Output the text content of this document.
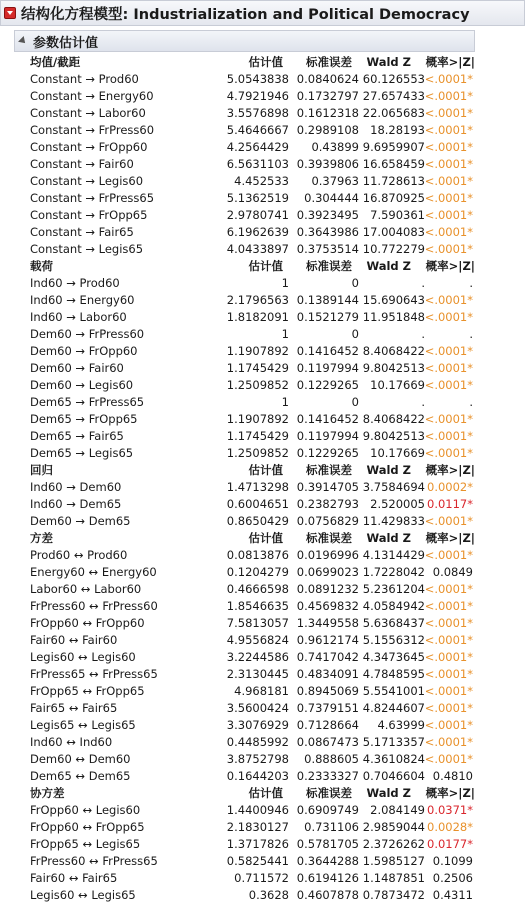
结构化方程模型: Industrialization and Political Democracy
参数估计值
均值/截距	估计值 标准误差 Wald Z 概率>|Z|
Constant → Prod60	5.0543838 0.0840624 60.126553 <.0001*
Constant → Energy60	4.7921946 0.1732797 27.657433 <.0001*
Constant → Labor60	3.5576898 0.1612318 22.065683 <.0001*
Constant → FrPress60	5.4646667 0.2989108 18.28193 <.0001*
Constant → FrOpp60	4.2564429 0.43899 9.6959907 <.0001*
Constant → Fair60	6.5631103 0.3939806 16.658459 <.0001*
Constant → Legis60	4.452533 0.37963 11.728613 <.0001*
Constant → FrPress65	5.1362519 0.304444 16.870925 <.0001*
Constant → FrOpp65	2.9780741 0.3923495 7.590361 <.0001*
Constant → Fair65	6.1962639 0.3643986 17.004083 <.0001*
Constant → Legis65	4.0433897 0.3753514 10.772279 <.0001*
载荷	估计值 标准误差 Wald Z 概率>|Z|
Ind60 → Prod60	1	0	.	.
Ind60 → Energy60	2.1796563 0.1389144 15.690643 <.0001*
Ind60 → Labor60	1.8182091 0.1521279 11.951848 <.0001*
Dem60 → FrPress60	1	0	.	.
Dem60 → FrOpp60	1.1907892 0.1416452 8.4068422 <.0001*
Dem60 → Fair60	1.1745429 0.1197994 9.8042513 <.0001*
Dem60 → Legis60	1.2509852 0.1229265 10.17669 <.0001*
Dem65 → FrPress65	1	0	.	.
Dem65 → FrOpp65	1.1907892 0.1416452 8.4068422 <.0001*
Dem65 → Fair65	1.1745429 0.1197994 9.8042513 <.0001*
Dem65 → Legis65	1.2509852 0.1229265 10.17669 <.0001*
回归	估计值 标准误差 Wald Z 概率>|Z|
Ind60 → Dem60	1.4713298 0.3914705 3.7584694 0.0002*
Ind60 → Dem65	0.6004651 0.2382793 2.520005 0.0117*
Dem60 → Dem65	0.8650429 0.0756829 11.429833 <.0001*
方差	估计值 标准误差 Wald Z 概率>|Z|
Prod60 ↔ Prod60	0.0813876 0.0196996 4.1314429 <.0001*
Energy60 ↔ Energy60	0.1204279 0.0699023 1.7228042 0.0849
Labor60 ↔ Labor60	0.4666598 0.0891232 5.2361204 <.0001*
FrPress60 ↔ FrPress60	1.8546635 0.4569832 4.0584942 <.0001*
FrOpp60 ↔ FrOpp60	7.5813057 1.3449558 5.6368437 <.0001*
Fair60 ↔ Fair60	4.9556824 0.9612174 5.1556312 <.0001*
Legis60 ↔ Legis60	3.2244586 0.7417042 4.3473645 <.0001*
FrPress65 ↔ FrPress65	2.3130445 0.4834091 4.7848595 <.0001*
FrOpp65 ↔ FrOpp65	4.968181 0.8945069 5.5541001 <.0001*
Fair65 ↔ Fair65	3.5600424 0.7379151 4.8244607 <.0001*
Legis65 ↔ Legis65	3.3076929 0.7128664 4.63999 <.0001*
Ind60 ↔ Ind60	0.4485992 0.0867473 5.1713357 <.0001*
Dem60 ↔ Dem60	3.8752798 0.888605 4.3610824 <.0001*
Dem65 ↔ Dem65	0.1644203 0.2333327 0.7046604 0.4810
协方差	估计值 标准误差 Wald Z 概率>|Z|
FrOpp60 ↔ Legis60	1.4400946 0.6909749 2.084149 0.0371*
FrOpp60 ↔ FrOpp65	2.1830127 0.731106 2.9859044 0.0028*
FrOpp65 ↔ Legis65	1.3717826 0.5781705 2.3726262 0.0177*
FrPress60 ↔ FrPress65	0.5825441 0.3644288 1.5985127 0.1099
Fair60 ↔ Fair65	0.711572 0.6194126 1.1487851 0.2506
Legis60 ↔ Legis65	0.3628 0.4607878 0.7873472 0.4311
